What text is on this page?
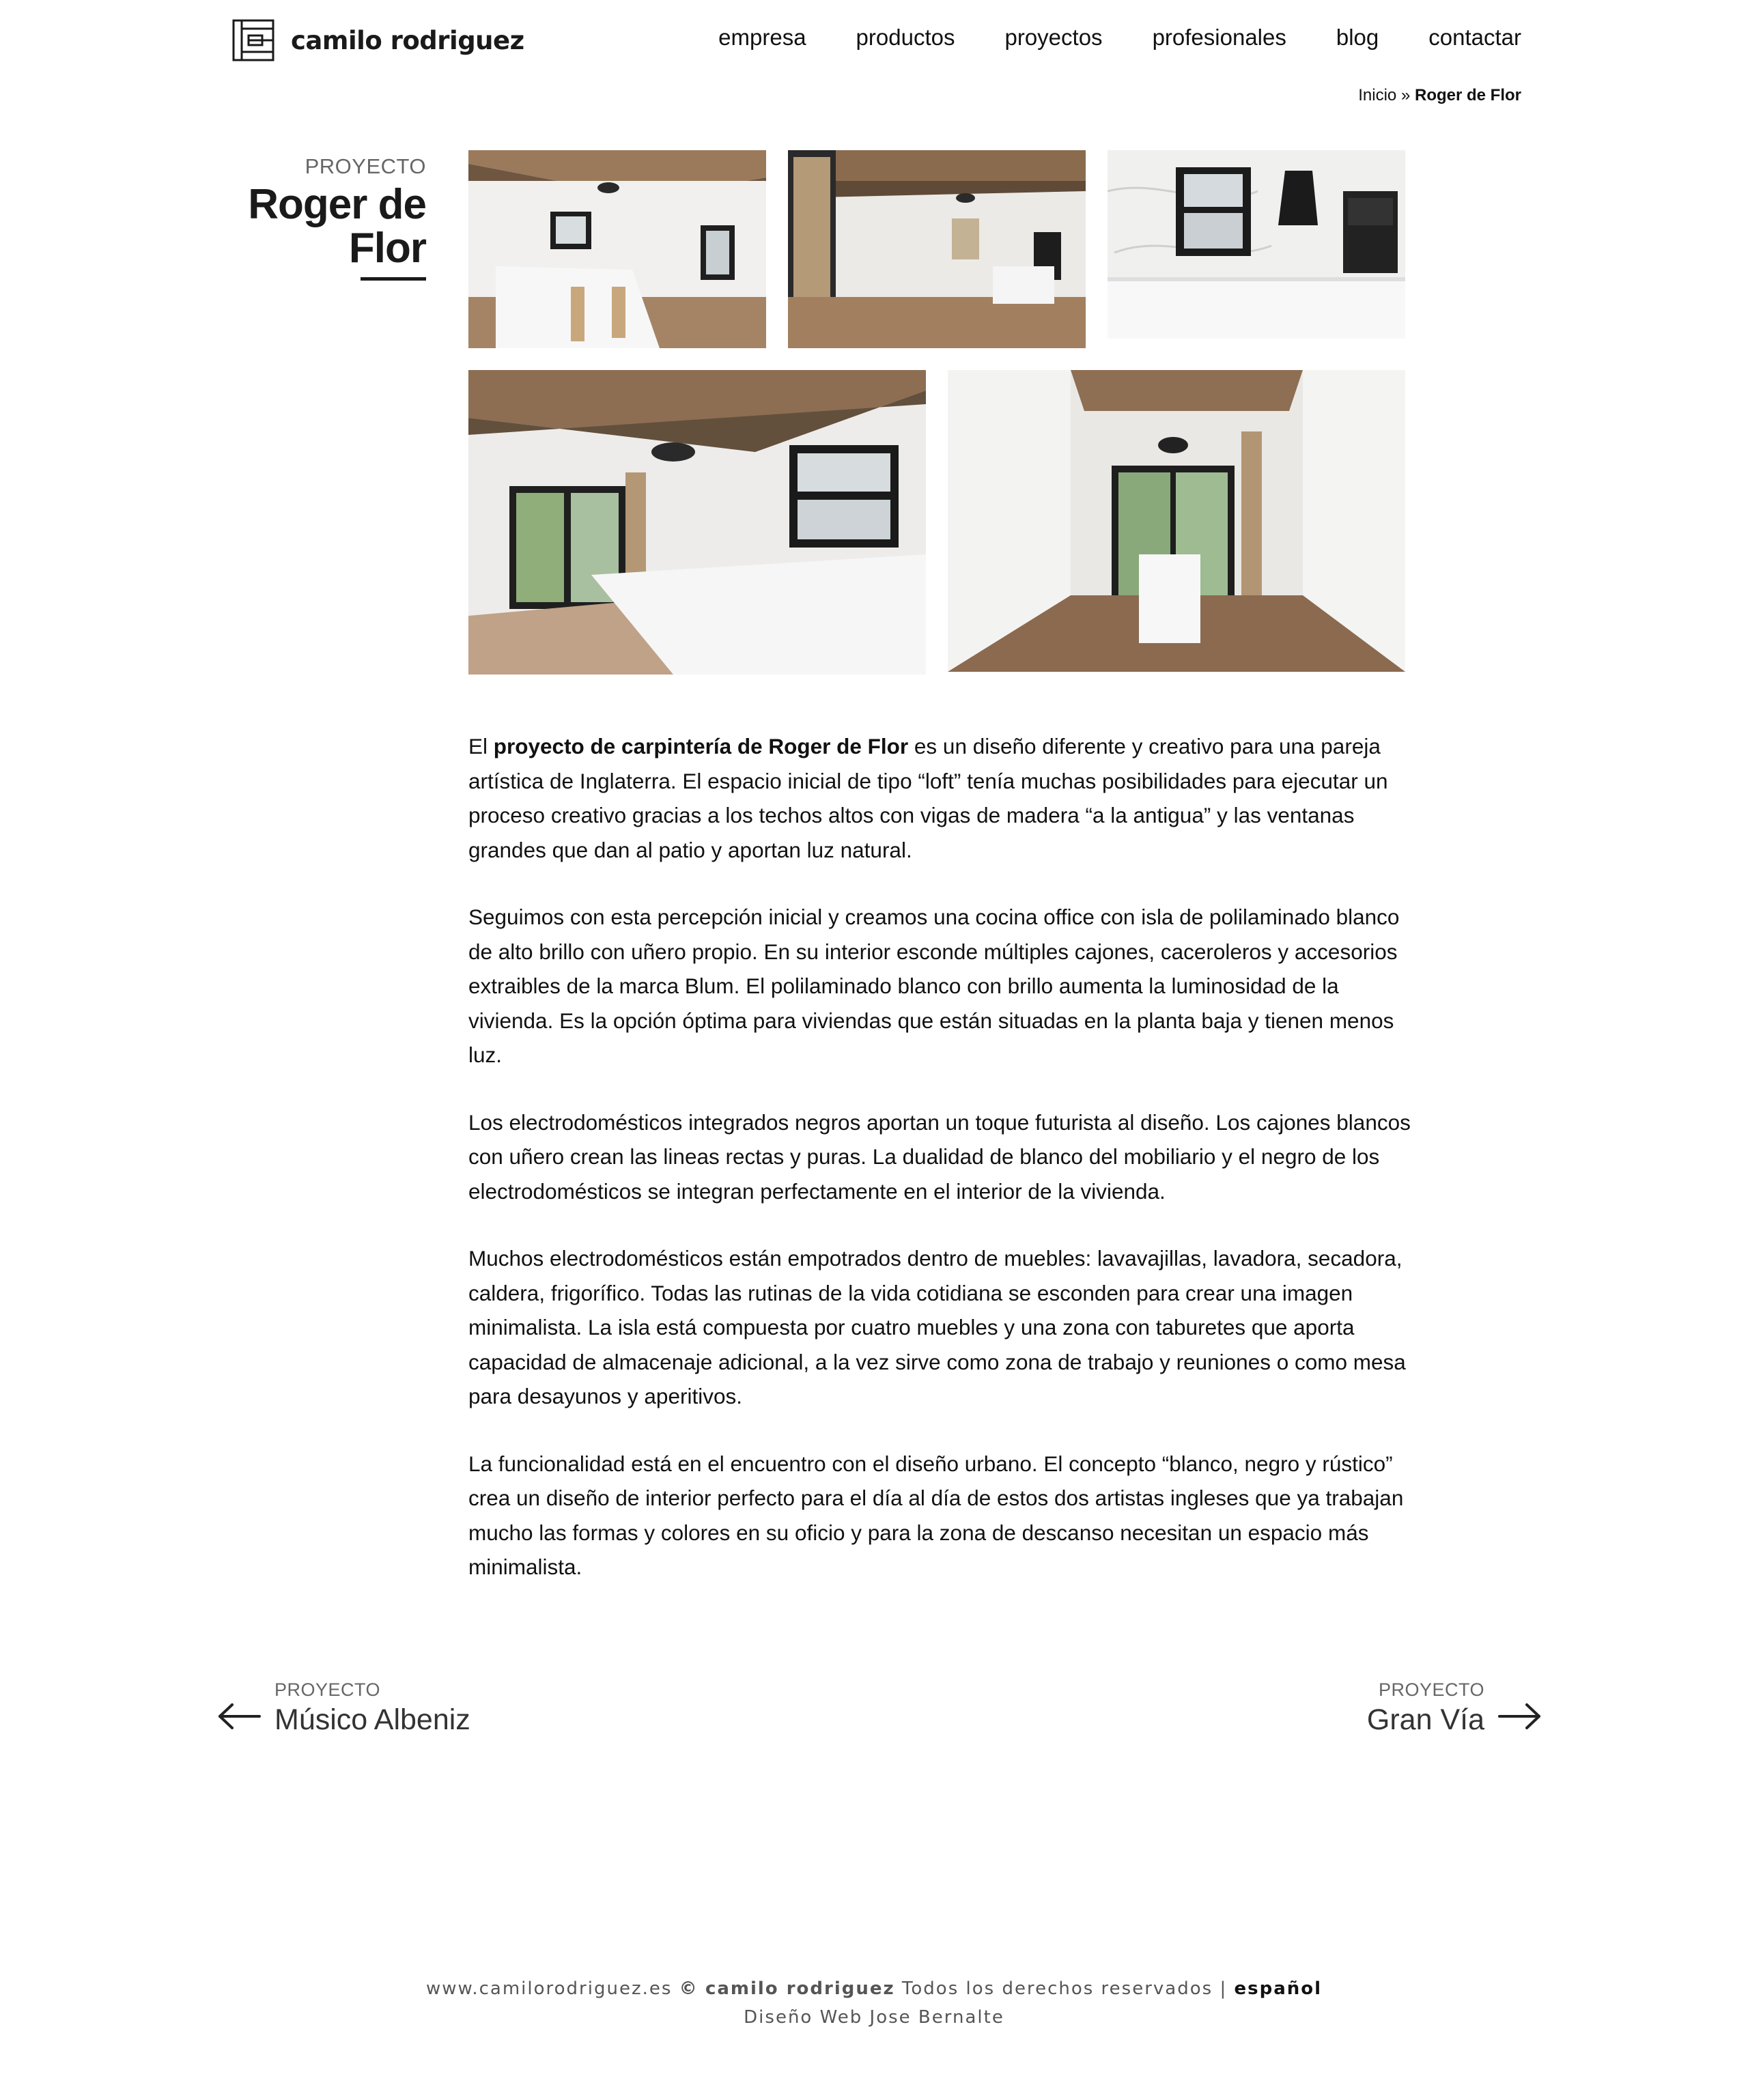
camilo rodriguez	empresa productos proyectos profesionales blog contactar
Inicio » Roger de Flor
PROYECTO
Roger de
Flor

El proyecto de carpintería de Roger de Flor es un diseño diferente y creativo para una pareja artística de Inglaterra. El espacio inicial de tipo “loft” tenía muchas posibilidades para ejecutar un proceso creativo gracias a los techos altos con vigas de madera “a la antigua” y las ventanas grandes que dan al patio y aportan luz natural.

Seguimos con esta percepción inicial y creamos una cocina office con isla de polilaminado blanco de alto brillo con uñero propio. En su interior esconde múltiples cajones, caceroleros y accesorios extraibles de la marca Blum. El polilaminado blanco con brillo aumenta la luminosidad de la vivienda. Es la opción óptima para viviendas que están situadas en la planta baja y tienen menos luz.

Los electrodomésticos integrados negros aportan un toque futurista al diseño. Los cajones blancos con uñero crean las lineas rectas y puras. La dualidad de blanco del mobiliario y el negro de los electrodomésticos se integran perfectamente en el interior de la vivienda.

Muchos electrodomésticos están empotrados dentro de muebles: lavavajillas, lavadora, secadora, caldera, frigorífico. Todas las rutinas de la vida cotidiana se esconden para crear una imagen minimalista. La isla está compuesta por cuatro muebles y una zona con taburetes que aporta capacidad de almacenaje adicional, a la vez sirve como zona de trabajo y reuniones o como mesa para desayunos y aperitivos.

La funcionalidad está en el encuentro con el diseño urbano. El concepto “blanco, negro y rústico” crea un diseño de interior perfecto para el día al día de estos dos artistas ingleses que ya trabajan mucho las formas y colores en su oficio y para la zona de descanso necesitan un espacio más minimalista.

PROYECTO
Músico Albeniz
PROYECTO
Gran Vía
www.camilorodriguez.es © camilo rodriguez Todos los derechos reservados | español
Diseño Web Jose Bernalte
